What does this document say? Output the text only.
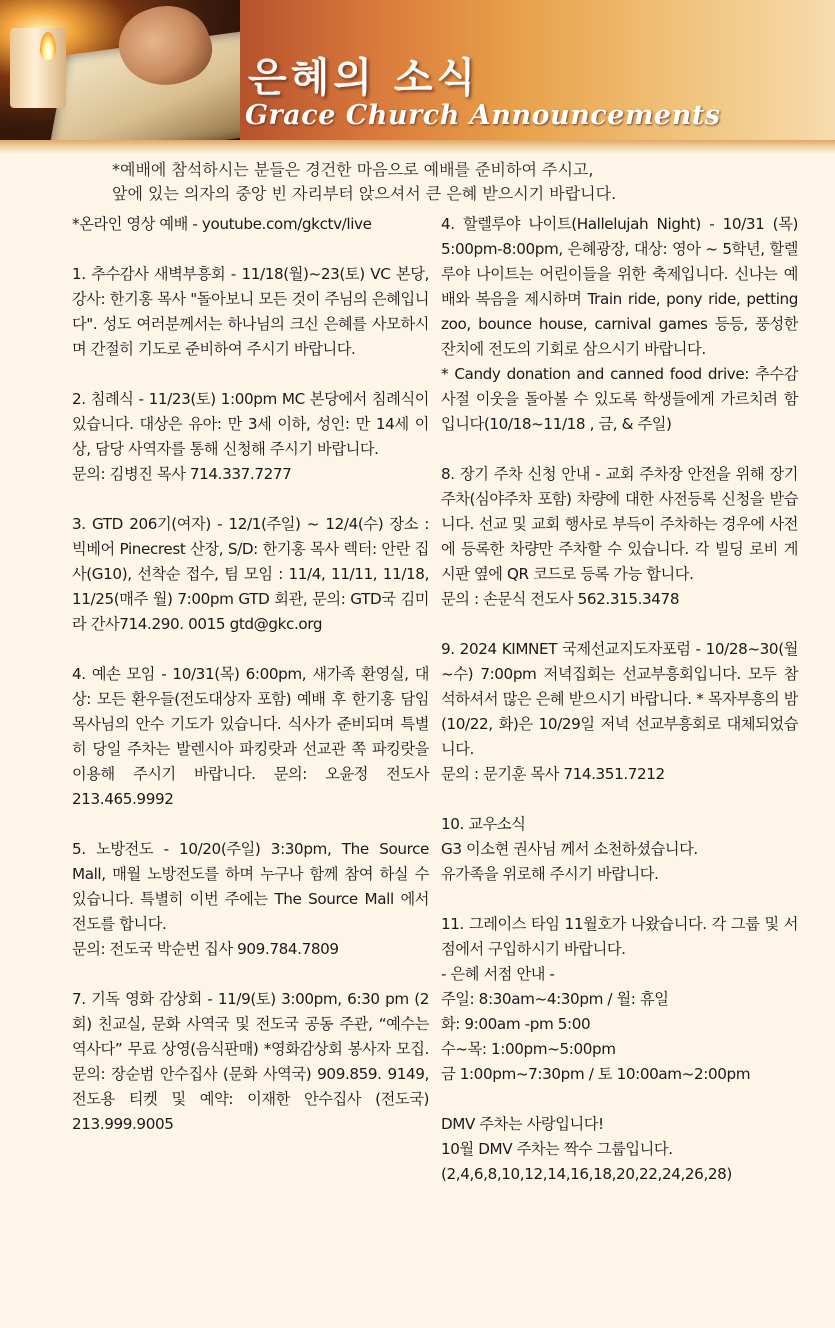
은혜의 소식
Grace Church Announcements
*예배에 참석하시는 분들은 경건한 마음으로 예배를 준비하여 주시고,
앞에 있는 의자의 중앙 빈 자리부터 앉으셔서 큰 은혜 받으시기 바랍니다.

*온라인 영상 예배 - youtube.com/gkctv/live

1. 추수감사 새벽부흥회 - 11/18(월)~23(토) VC 본당, 강사: 한기홍 목사 "돌아보니 모든 것이 주님의 은혜입니다". 성도 여러분께서는 하나님의 크신 은혜를 사모하시며 간절히 기도로 준비하여 주시기 바랍니다.

2. 침례식 - 11/23(토) 1:00pm MC 본당에서 침례식이 있습니다. 대상은 유아: 만 3세 이하, 성인: 만 14세 이상, 담당 사역자를 통해 신청해 주시기 바랍니다.

문의: 김병진 목사 714.337.7277

3. GTD 206기(여자) - 12/1(주일) ~ 12/4(수) 장소 : 빅베어 Pinecrest 산장, S/D: 한기홍 목사 렉터: 안란 집사(G10), 선착순 접수, 팀 모임 : 11/4, 11/11, 11/18, 11/25(매주 월) 7:00pm GTD 회관, 문의: GTD국 김미라 간사714.290. 0015 gtd@gkc.org

4. 예손 모임 - 10/31(목) 6:00pm, 새가족 환영실, 대상: 모든 환우들(전도대상자 포함) 예배 후 한기홍 담임목사님의 안수 기도가 있습니다. 식사가 준비되며 특별히 당일 주차는 발렌시아 파킹랏과 선교관 쪽 파킹랏을 이용해 주시기 바랍니다. 문의: 오윤정 전도사 213.465.9992

5. 노방전도 - 10/20(주일) 3:30pm, The Source Mall, 매월 노방전도를 하며 누구나 함께 참여 하실 수 있습니다. 특별히 이번 주에는 The Source Mall 에서 전도를 합니다.

문의: 전도국 박순번 집사 909.784.7809

7. 기독 영화 감상회 - 11/9(토) 3:00pm, 6:30 pm (2회) 친교실, 문화 사역국 및 전도국 공동 주관, “예수는 역사다” 무료 상영(음식판매) *영화감상회 봉사자 모집. 문의: 장순범 안수집사 (문화 사역국) 909.859. 9149, 전도용 티켓 및 예약: 이재한 안수집사 (전도국) 213.999.9005

4. 할렐루야 나이트(Hallelujah Night) - 10/31 (목) 5:00pm-8:00pm, 은혜광장, 대상: 영아 ~ 5학년, 할렐루야 나이트는 어린이들을 위한 축제입니다. 신나는 예배와 복음을 제시하며 Train ride, pony ride, petting zoo, bounce house, carnival games 등등, 풍성한 잔치에 전도의 기회로 삼으시기 바랍니다.

* Candy donation and canned food drive: 추수감사절 이웃을 돌아볼 수 있도록 학생들에게 가르치려 함입니다(10/18~11/18 , 금, & 주일)

8. 장기 주차 신청 안내 - 교회 주차장 안전을 위해 장기 주차(심야주차 포함) 차량에 대한 사전등록 신청을 받습니다. 선교 및 교회 행사로 부득이 주차하는 경우에 사전에 등록한 차량만 주차할 수 있습니다. 각 빌딩 로비 게시판 옆에 QR 코드로 등록 가능 합니다.

문의 : 손문식 전도사 562.315.3478

9. 2024 KIMNET 국제선교지도자포럼 - 10/28~30(월~수) 7:00pm 저녁집회는 선교부흥회입니다. 모두 참석하셔서 많은 은혜 받으시기 바랍니다. * 목자부흥의 밤(10/22, 화)은 10/29일 저녁 선교부흥회로 대체되었습니다.

문의 : 문기훈 목사 714.351.7212

10. 교우소식

G3 이소현 권사님 께서 소천하셨습니다.

유가족을 위로해 주시기 바랍니다.

11. 그레이스 타임 11월호가 나왔습니다. 각 그룹 및 서점에서 구입하시기 바랍니다.

- 은혜 서점 안내 -

주일: 8:30am~4:30pm / 월: 휴일

화: 9:00am -pm 5:00

수~목: 1:00pm~5:00pm

금 1:00pm~7:30pm / 토 10:00am~2:00pm

DMV 주차는 사랑입니다!

10월 DMV 주차는 짝수 그룹입니다.

(2,4,6,8,10,12,14,16,18,20,22,24,26,28)
